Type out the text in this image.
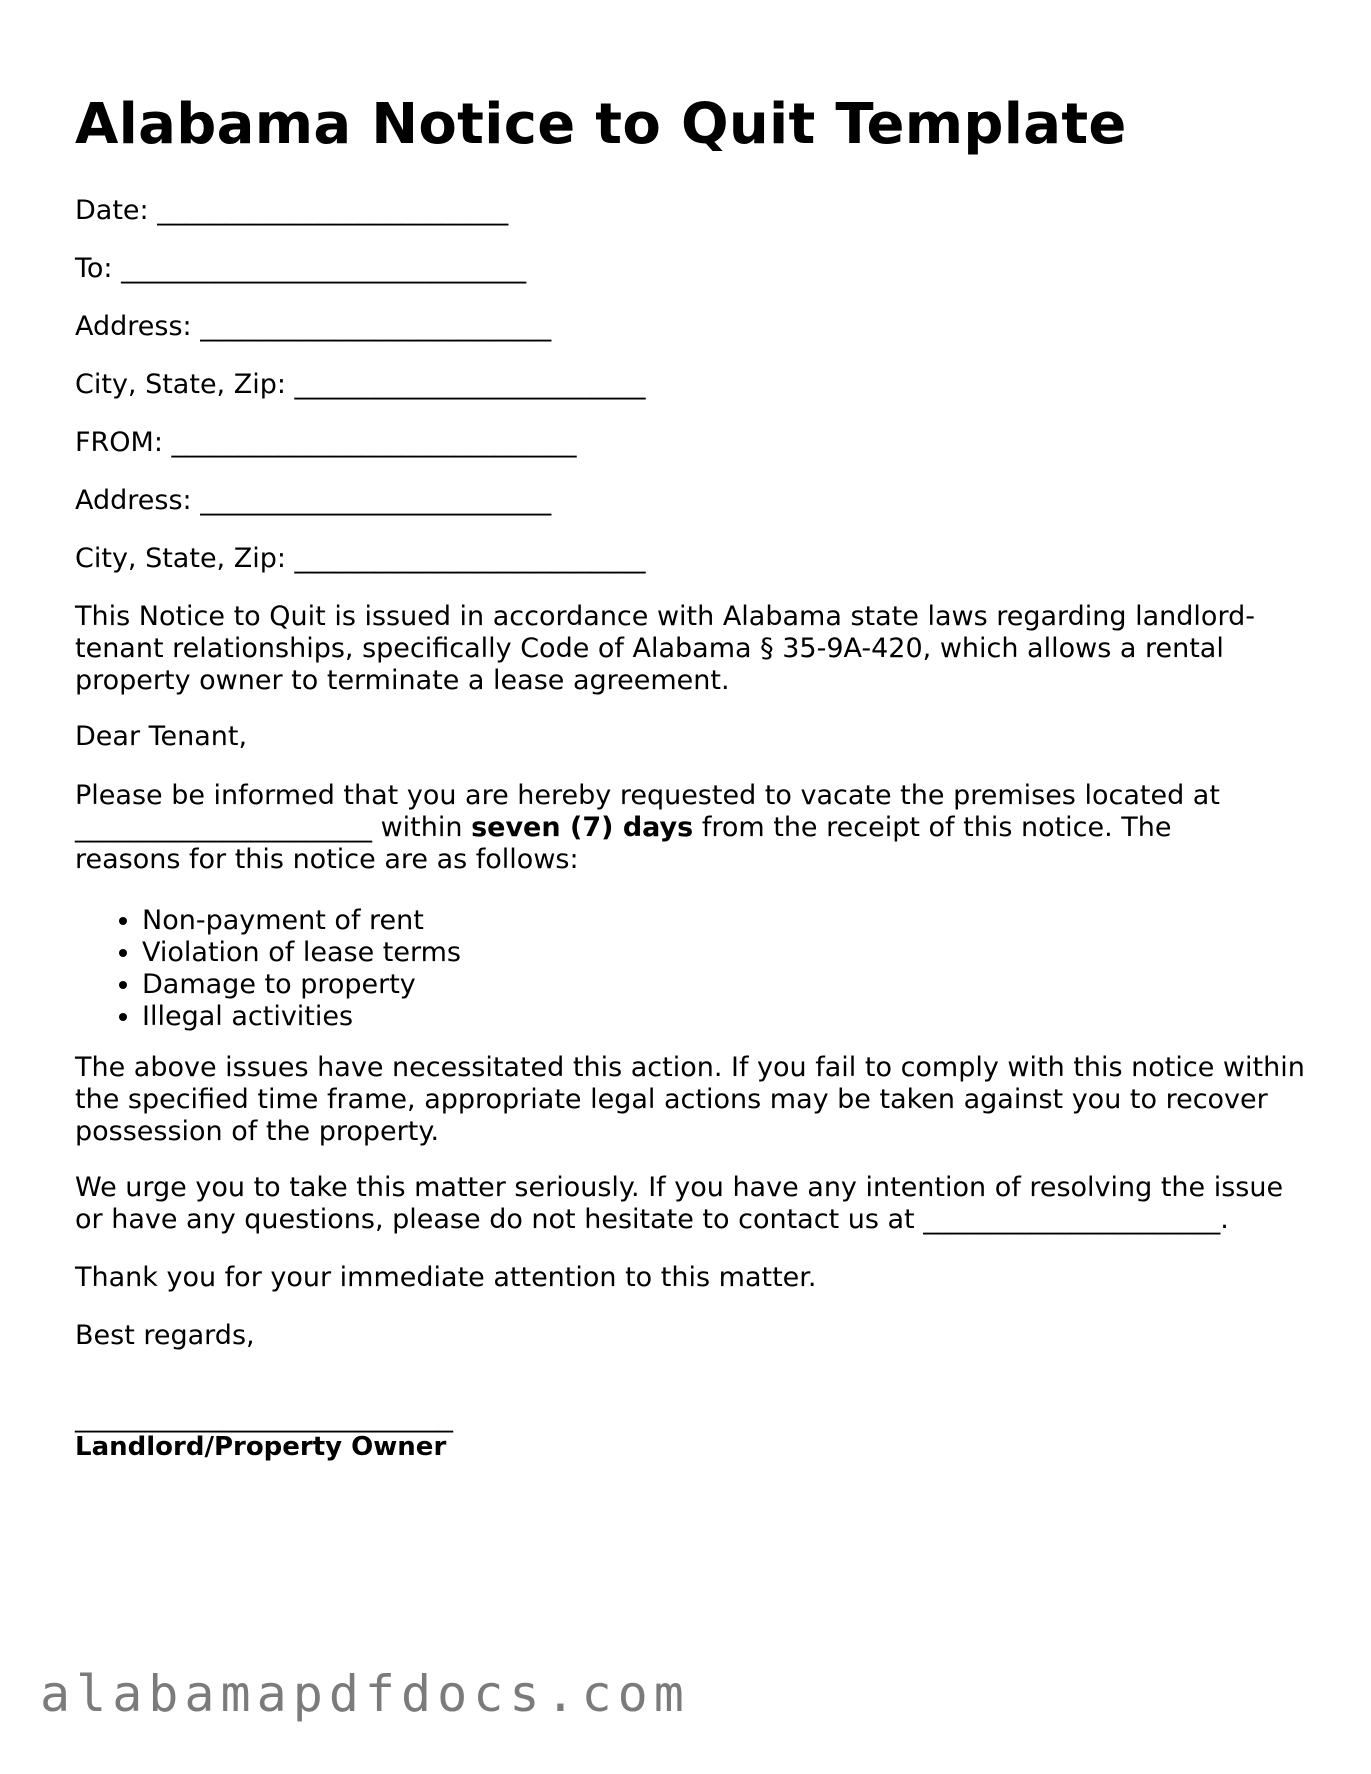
Alabama Notice to Quit Template

Date: __________________________

To: ______________________________

Address: __________________________

City, State, Zip: __________________________

FROM: ______________________________

Address: __________________________

City, State, Zip: __________________________

This Notice to Quit is issued in accordance with Alabama state laws regarding landlord-
tenant relationships, specifically Code of Alabama § 35-9A-420, which allows a rental
property owner to terminate a lease agreement.

Dear Tenant,

Please be informed that you are hereby requested to vacate the premises located at
______________________ within seven (7) days from the receipt of this notice. The
reasons for this notice are as follows:
• Non-payment of rent
• Violation of lease terms
• Damage to property
• Illegal activities
The above issues have necessitated this action. If you fail to comply with this notice within
the specified time frame, appropriate legal actions may be taken against you to recover
possession of the property.
We urge you to take this matter seriously. If you have any intention of resolving the issue
or have any questions, please do not hesitate to contact us at ______________________.

Thank you for your immediate attention to this matter.

Best regards,

____________________________

Landlord/Property Owner

alabamapdfdocs.com
